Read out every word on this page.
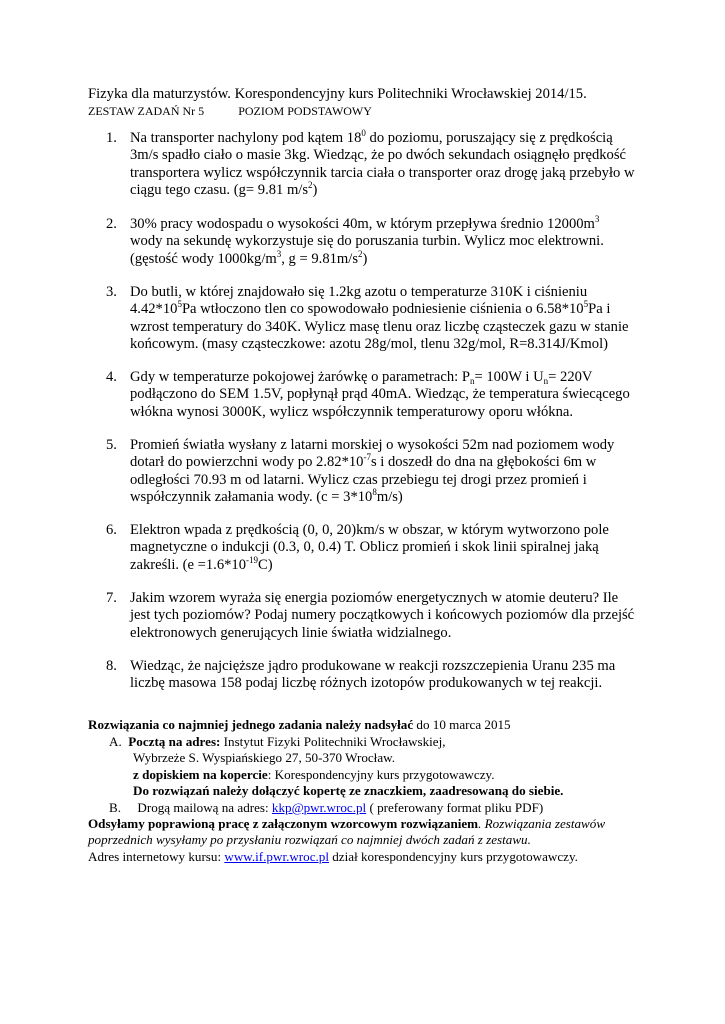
Fizyka dla maturzystów. Korespondencyjny kurs Politechniki Wrocławskiej 2014/15.
ZESTAW ZADAŃ Nr 5	POZIOM PODSTAWOWY
1. Na transporter nachylony pod kątem $18^0$ do poziomu, poruszający się z prędkością
3m/s spadło ciało o masie 3kg. Wiedząc, że po dwóch sekundach osiągnęło prędkość
transportera wylicz współczynnik tarcia ciała o transporter oraz drogę jaką przebyło w
ciągu tego czasu. (g= 9.81 $m/s^2$)
2. 30% pracy wodospadu o wysokości 40m, w którym przepływa średnio $12000m^3$
wody na sekundę wykorzystuje się do poruszania turbin. Wylicz moc elektrowni.
(gęstość wody $1000kg/m^3$, $g = 9.81m/s^2$)
3. Do butli, w której znajdowało się 1.2kg azotu o temperaturze 310K i ciśnieniu
$4.42*10^5Pa$ wtłoczono tlen co spowodowało podniesienie ciśnienia o $6.58*10^5Pa$ i
wzrost temperatury do 340K. Wylicz masę tlenu oraz liczbę cząsteczek gazu w stanie
końcowym. (masy cząsteczkowe: azotu 28g/mol, tlenu 32g/mol, R=8.314J/Kmol)
4. Gdy w temperaturze pokojowej żarówkę o parametrach: $P_n= 100W$ i $U_n= 220V$
podłączono do SEM 1.5V, popłynął prąd 40mA. Wiedząc, że temperatura świecącego
włókna wynosi 3000K, wylicz współczynnik temperaturowy oporu włókna.
5. Promień światła wysłany z latarni morskiej o wysokości 52m nad poziomem wody
dotarł do powierzchni wody po $2.82*10^{-7}s$ i doszedł do dna na głębokości 6m w
odległości 70.93 m od latarni. Wylicz czas przebiegu tej drogi przez promień i
współczynnik załamania wody. $(c = 3*10^8m/s)$
6. Elektron wpada z prędkością (0, 0, 20)km/s w obszar, w którym wytworzono pole
magnetyczne o indukcji (0.3, 0, 0.4) T. Oblicz promień i skok linii spiralnej jaką
zakreśli. $(e =1.6*10^{-19}C)$
7. Jakim wzorem wyraża się energia poziomów energetycznych w atomie deuteru? Ile
jest tych poziomów? Podaj numery początkowych i końcowych poziomów dla przejść
elektronowych generujących linie światła widzialnego.
8. Wiedząc, że najcięższe jądro produkowane w reakcji rozszczepienia Uranu 235 ma
liczbę masowa 158 podaj liczbę różnych izotopów produkowanych w tej reakcji.
Rozwiązania co najmniej jednego zadania należy nadsyłać do 10 marca 2015
A. Pocztą na adres: Instytut Fizyki Politechniki Wrocławskiej,
Wybrzeże S. Wyspiańskiego 27, 50-370 Wrocław.
z dopiskiem na kopercie: Korespondencyjny kurs przygotowawczy.
Do rozwiązań należy dołączyć kopertę ze znaczkiem, zaadresowaną do siebie.
B. Drogą mailową na adres: kkp@pwr.wroc.pl ( preferowany format pliku PDF)
Odsyłamy poprawioną pracę z załączonym wzorcowym rozwiązaniem. Rozwiązania zestawów
poprzednich wysyłamy po przysłaniu rozwiązań co najmniej dwóch zadań z zestawu.
Adres internetowy kursu: www.if.pwr.wroc.pl dział korespondencyjny kurs przygotowawczy.
